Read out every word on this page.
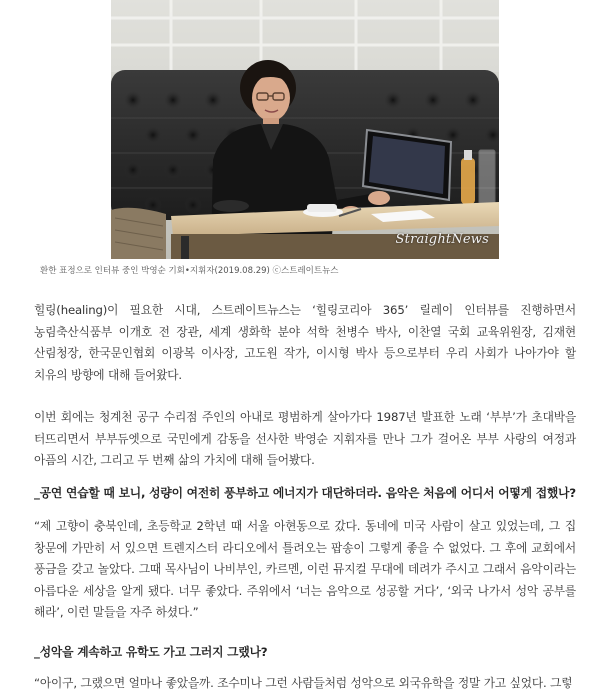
StraightNews
환한 표정으로 인터뷰 중인 박영순 기회•지휘자(2019.08.29) ⓒ스트레이트뉴스

힐링(healing)이 필요한 시대, 스트레이트뉴스는 ‘힐링코리아 365’ 릴레이 인터뷰를 진행하면서 농림축산식품부 이개호 전 장관, 세계 생화학 분야 석학 천병수 박사, 이찬열 국회 교육위원장, 김재현 산림청장, 한국문인협회 이광복 이사장, 고도원 작가, 이시형 박사 등으로부터 우리 사회가 나아가야 할 치유의 방향에 대해 들어왔다.

이번 회에는 청계천 공구 수리점 주인의 아내로 평범하게 살아가다 1987년 발표한 노래 ‘부부’가 초대박을 터뜨리면서 부부듀엣으로 국민에게 감동을 선사한 박영순 지휘자를 만나 그가 걸어온 부부 사랑의 여정과 아픔의 시간, 그리고 두 번째 삶의 가치에 대해 들어봤다.

_공연 연습할 때 보니, 성량이 여전히 풍부하고 에너지가 대단하더라. 음악은 처음에 어디서 어떻게 접했나?

“제 고향이 충북인데, 초등학교 2학년 때 서울 아현동으로 갔다. 동네에 미국 사람이 살고 있었는데, 그 집 창문에 가만히 서 있으면 트렌지스터 라디오에서 틀려오는 팝송이 그렇게 좋을 수 없었다. 그 후에 교회에서 풍금을 갖고 놀았다. 그때 목사님이 나비부인, 카르멘, 이런 뮤지컬 무대에 데려가 주시고 그래서 음악이라는 아름다운 세상을 알게 됐다. 너무 좋았다. 주위에서 ‘너는 음악으로 성공할 거다’, ‘외국 나가서 성악 공부를 해라’, 이런 말들을 자주 하셨다.”

_성악을 계속하고 유학도 가고 그러지 그랬나?

“아이구, 그랬으면 얼마나 좋았을까. 조수미나 그런 사람들처럼 성악으로 외국유학을 정말 가고 싶었다. 그렇
